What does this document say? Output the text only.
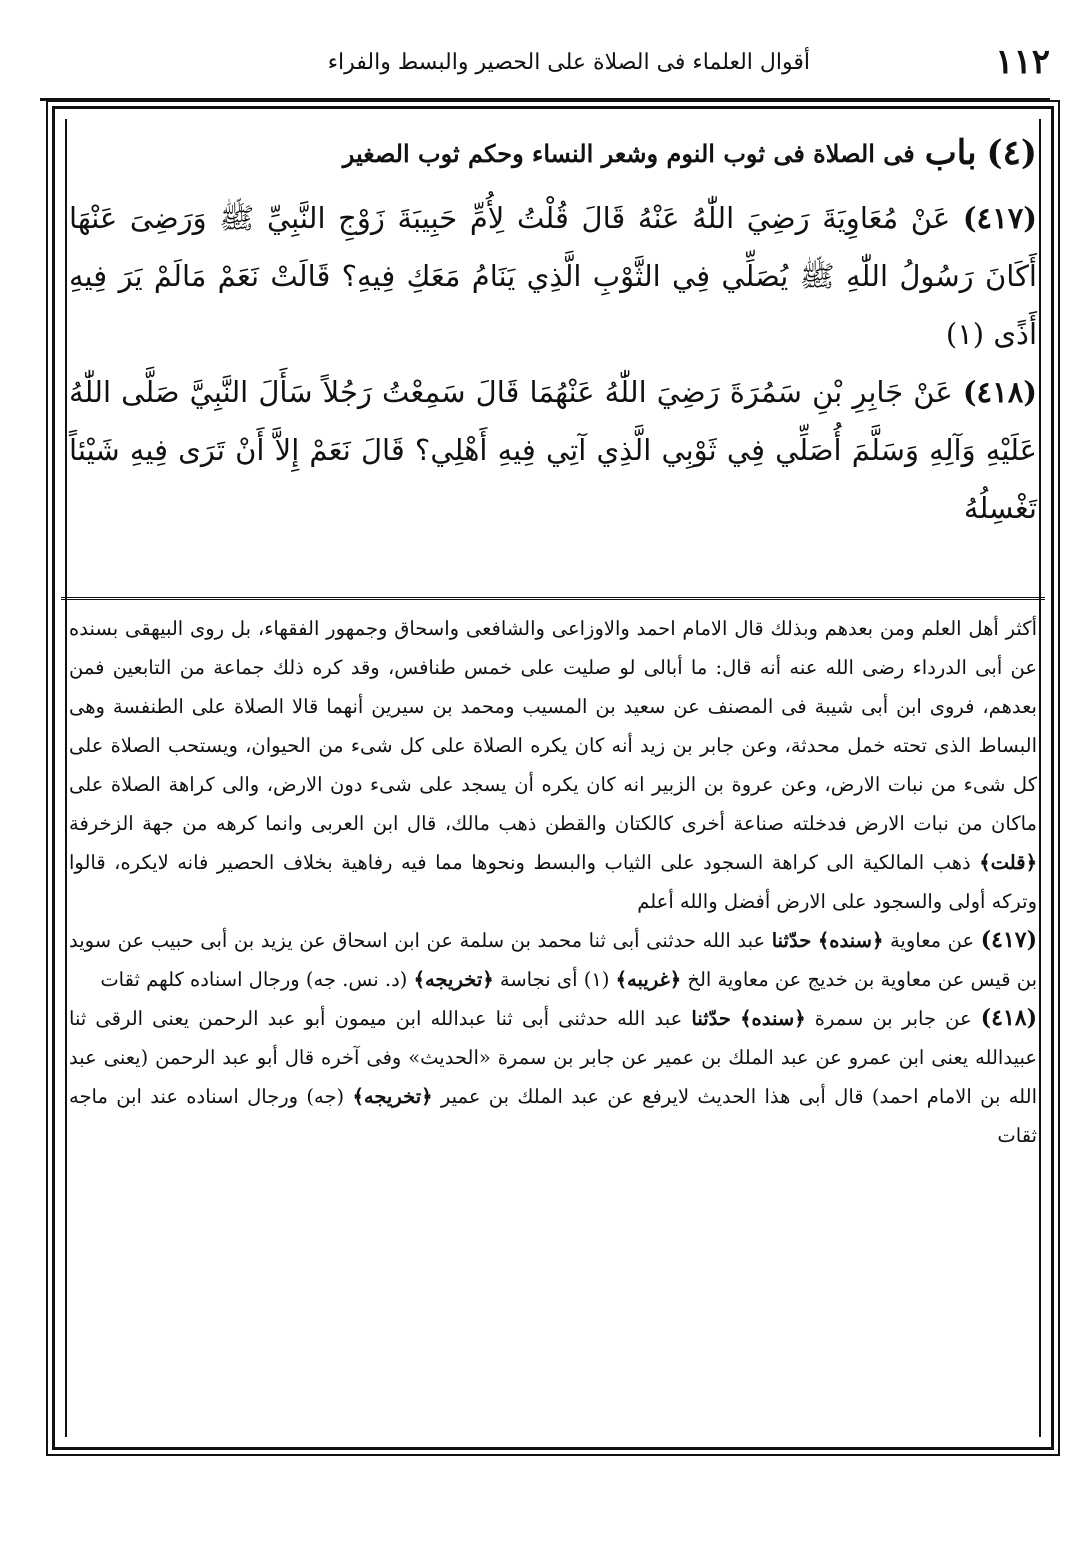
١١٢
أقوال العلماء فى الصلاة على الحصير والبسط والفراء
(٤)
باب
فى الصلاة فى ثوب النوم وشعر النساء وحكم ثوب الصغير

(٤١٧) عَنْ مُعَاوِيَةَ رَضِيَ اللّٰهُ عَنْهُ قَالَ قُلْتُ لِأُمِّ حَبِيبَةَ زَوْجِ النَّبِيِّ ﷺ وَرَضِىَ عَنْهَا أَكَانَ رَسُولُ اللّٰهِ ﷺ يُصَلِّي فِي الثَّوْبِ الَّذِي يَنَامُ مَعَكِ فِيهِ؟ قَالَتْ نَعَمْ مَالَمْ يَرَ فِيهِ أَذًى (١)

(٤١٨) عَنْ جَابِرِ بْنِ سَمُرَةَ رَضِيَ اللّٰهُ عَنْهُمَا قَالَ سَمِعْتُ رَجُلاً سَأَلَ النَّبِيَّ صَلَّى اللّٰهُ عَلَيْهِ وَآلِهِ وَسَلَّمَ أُصَلِّي فِي ثَوْبِي الَّذِي آتِي فِيهِ أَهْلِي؟ قَالَ نَعَمْ إِلاَّ أَنْ تَرَى فِيهِ شَيْئاً تَغْسِلُهُ

أكثر أهل العلم ومن بعدهم وبذلك قال الامام احمد والاوزاعى والشافعى واسحاق وجمهور الفقهاء، بل روى البيهقى بسنده عن أبى الدرداء رضى الله عنه أنه قال: ما أبالى لو صليت على خمس طنافس، وقد كره ذلك جماعة من التابعين فمن بعدهم، فروى ابن أبى شيبة فى المصنف عن سعيد بن المسيب ومحمد بن سيرين أنهما قالا الصلاة على الطنفسة وهى البساط الذى تحته خمل محدثة، وعن جابر بن زيد أنه كان يكره الصلاة على كل شىء من الحيوان، ويستحب الصلاة على كل شىء من نبات الارض، وعن عروة بن الزبير انه كان يكره أن يسجد على شىء دون الارض، والى كراهة الصلاة على ماكان من نبات الارض فدخلته صناعة أخرى كالكتان والقطن ذهب مالك، قال ابن العربى وانما كرهه من جهة الزخرفة ﴿قلت﴾ ذهب المالكية الى كراهة السجود على الثياب والبسط ونحوها مما فيه رفاهية بخلاف الحصير فانه لايكره، قالوا وتركه أولى والسجود على الارض أفضل والله أعلم

(٤١٧) عن معاوية ﴿سنده﴾ حدّثنا عبد الله حدثنى أبى ثنا محمد بن سلمة عن ابن اسحاق عن يزيد بن أبى حبيب عن سويد بن قيس عن معاوية بن خديج عن معاوية الخ ﴿غريبه﴾ (١) أى نجاسة ﴿تخريجه﴾ (د. نس. جه) ورجال اسناده كلهم ثقات

(٤١٨) عن جابر بن سمرة ﴿سنده﴾ حدّثنا عبد الله حدثنى أبى ثنا عبدالله ابن ميمون أبو عبد الرحمن يعنى الرقى ثنا عبيدالله يعنى ابن عمرو عن عبد الملك بن عمير عن جابر بن سمرة «الحديث» وفى آخره قال أبو عبد الرحمن (يعنى عبد الله بن الامام احمد) قال أبى هذا الحديث لايرفع عن عبد الملك بن عمير ﴿تخريجه﴾ (جه) ورجال اسناده عند ابن ماجه ثقات
